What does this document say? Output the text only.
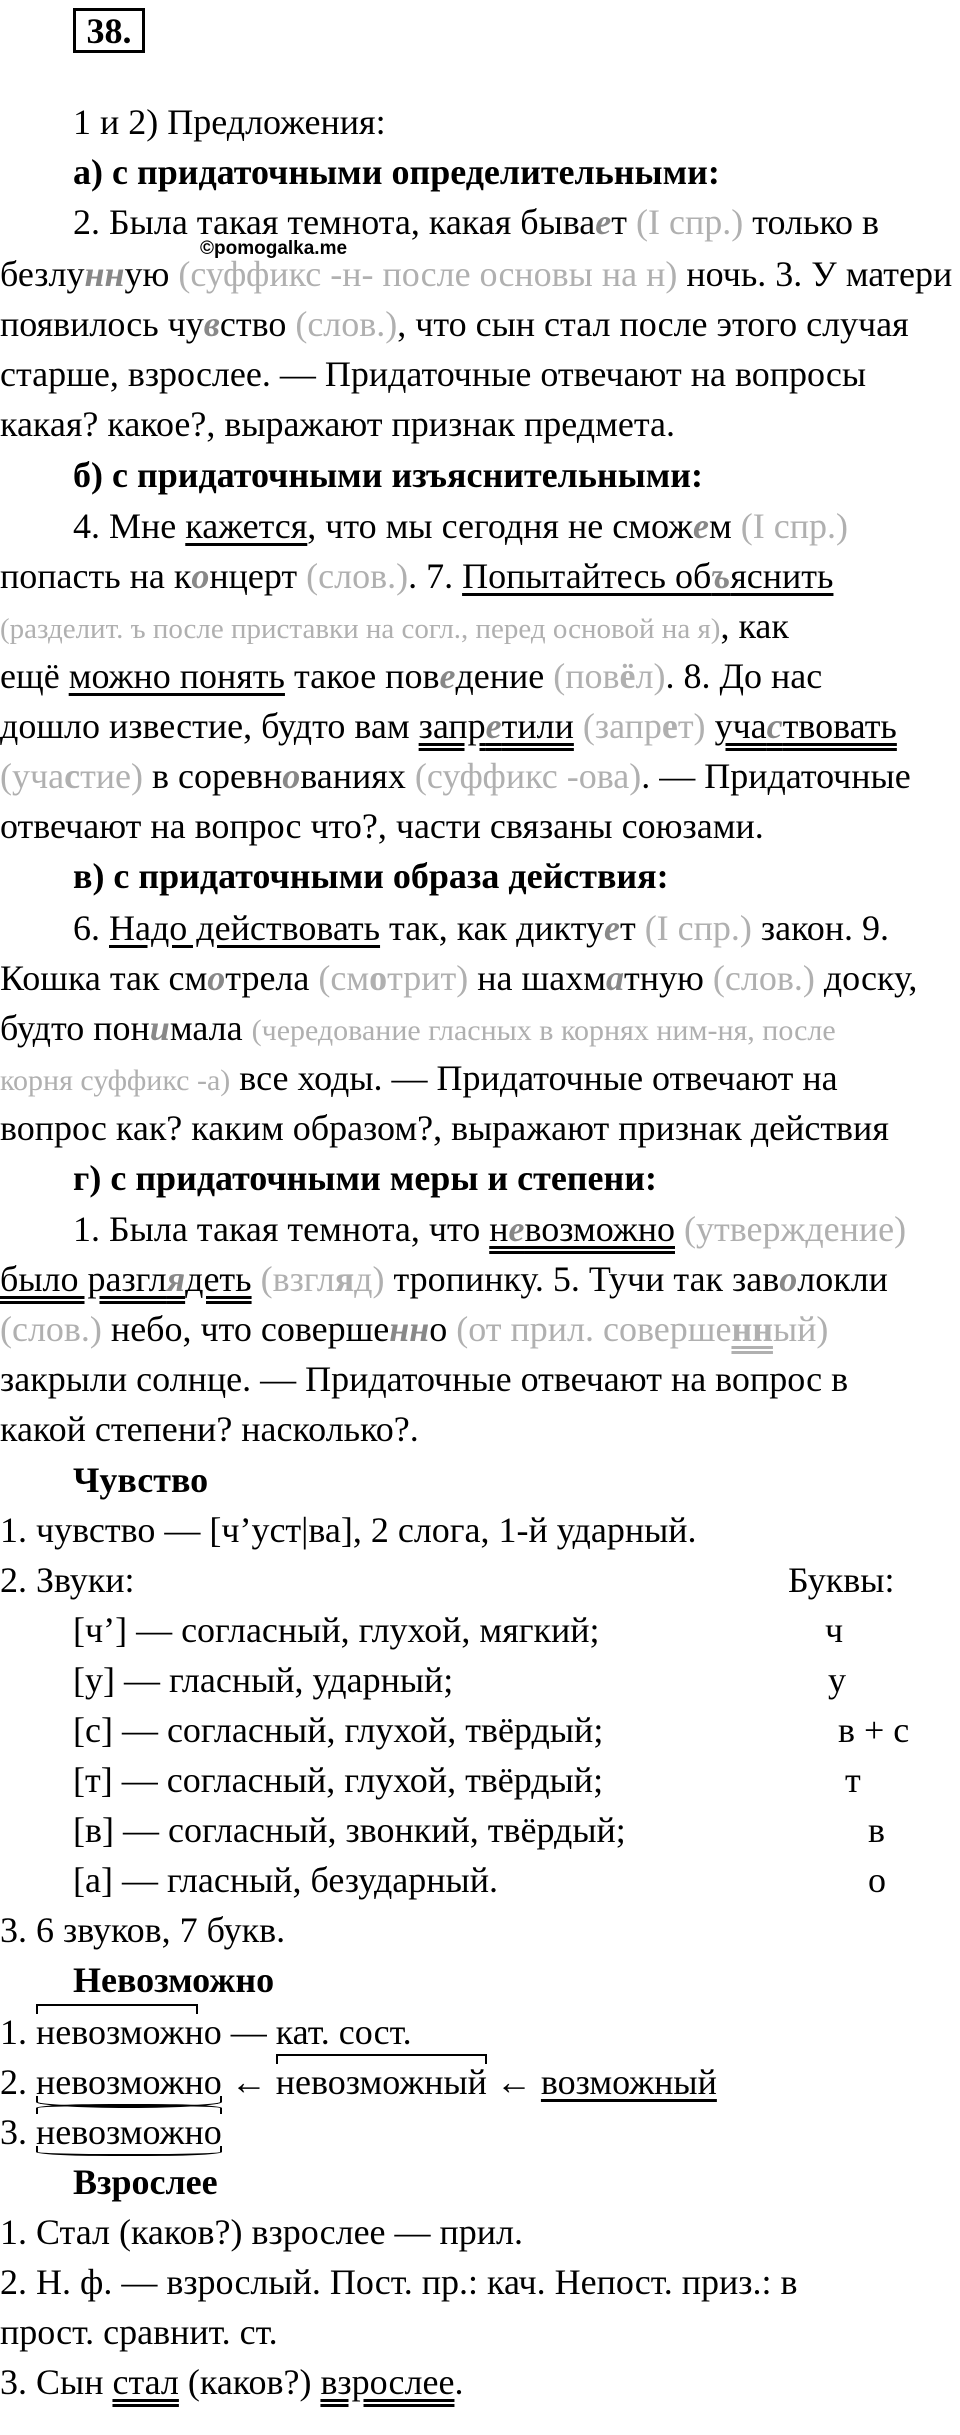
38.
1 и 2) Предложения:
а) с придаточными определительными:
©pomogalka.me
2. Была такая темнота, какая бывает (I спр.) только в
безлунную (суффикс -н- после основы на н) ночь. 3. У матери
появилось чувство (слов.), что сын стал после этого случая
старше, взрослее. — Придаточные отвечают на вопросы
какая? какое?, выражают признак предмета.
б) с придаточными изъяснительными:
4. Мне кажется, что мы сегодня не сможем (I спр.)
попасть на концерт (слов.). 7. Попытайтесь объяснить
(разделит. ъ после приставки на согл., перед основой на я), как
ещё можно понять такое поведение (повёл). 8. До нас
дошло известие, будто вам запретили (запрет) участвовать
(участие) в соревнованиях (суффикс -ова). — Придаточные
отвечают на вопрос что?, части связаны союзами.
в) с придаточными образа действия:
6. Надо действовать так, как диктует (I спр.) закон. 9.
Кошка так смотрела (смотрит) на шахматную (слов.) доску,
будто понимала (чередование гласных в корнях ним-ня, после
корня суффикс -а) все ходы. — Придаточные отвечают на
вопрос как? каким образом?, выражают признак действия
г) с придаточными меры и степени:
1. Была такая темнота, что невозможно (утверждение)
было разглядеть (взгляд) тропинку. 5. Тучи так заволокли
(слов.) небо, что совершенно (от прил. совершенный)
закрыли солнце. — Придаточные отвечают на вопрос в
какой степени? насколько?.
Чувство
1. чувство — [ч’уст|ва], 2 слога, 1-й ударный.
2. Звуки:	Буквы:
[ч’] — согласный, глухой, мягкий;	ч
[у] — гласный, ударный;	у
[с] — согласный, глухой, твёрдый;	в + с
[т] — согласный, глухой, твёрдый;	т
[в] — согласный, звонкий, твёрдый;	в
[а] — гласный, безударный.	о
3. 6 звуков, 7 букв.
Невозможно
1. невозможно — кат. сост.
2. невозможно ← невозможный ← возможный
3. невозможно
Взрослее
1. Стал (каков?) взрослее — прил.
2. Н. ф. — взрослый. Пост. пр.: кач. Непост. приз.: в
прост. сравнит. ст.
3. Сын стал (каков?) взрослее.
